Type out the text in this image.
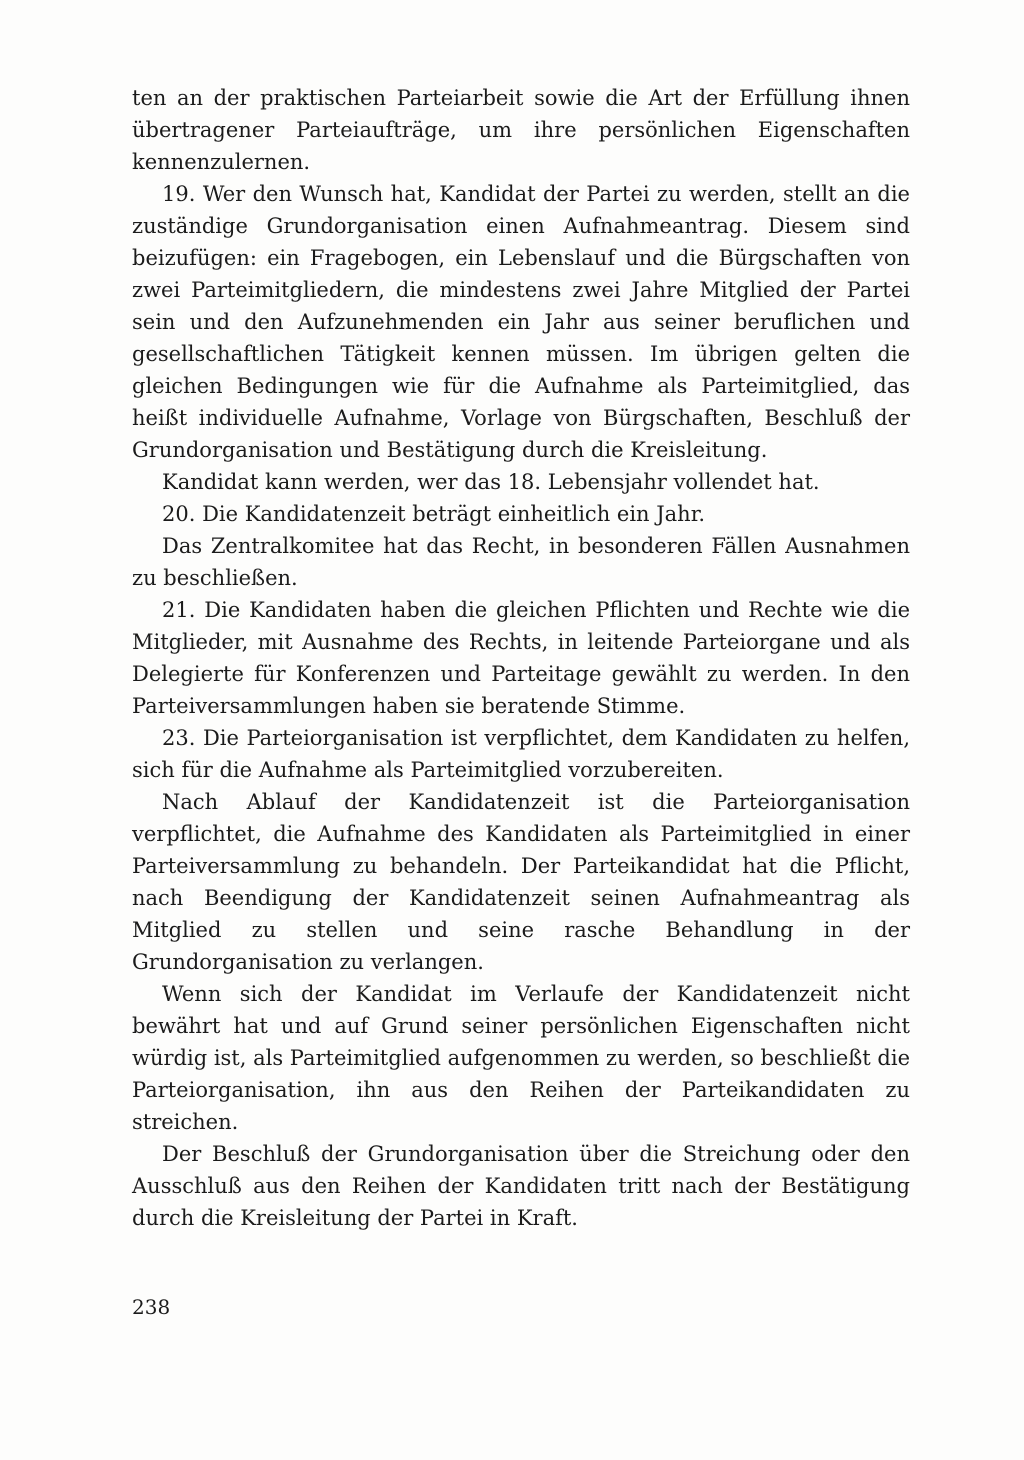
ten an der praktischen Parteiarbeit sowie die Art der Erfüllung ihnen übertragener Parteiaufträge, um ihre persönlichen Eigenschaften kennenzulernen.

19. Wer den Wunsch hat, Kandidat der Partei zu werden, stellt an die zuständige Grundorganisation einen Aufnahmeantrag. Diesem sind beizufügen: ein Fragebogen, ein Lebenslauf und die Bürgschaften von zwei Parteimitgliedern, die mindestens zwei Jahre Mitglied der Partei sein und den Aufzunehmenden ein Jahr aus seiner beruflichen und gesellschaftlichen Tätigkeit kennen müssen. Im übrigen gelten die gleichen Bedingungen wie für die Aufnahme als Parteimitglied, das heißt individuelle Aufnahme, Vorlage von Bürgschaften, Beschluß der Grundorganisation und Bestätigung durch die Kreisleitung.

Kandidat kann werden, wer das 18. Lebensjahr vollendet hat.

20. Die Kandidatenzeit beträgt einheitlich ein Jahr.

Das Zentralkomitee hat das Recht, in besonderen Fällen Ausnahmen zu beschließen.

21. Die Kandidaten haben die gleichen Pflichten und Rechte wie die Mitglieder, mit Ausnahme des Rechts, in leitende Parteiorgane und als Delegierte für Konferenzen und Parteitage gewählt zu werden. In den Parteiversammlungen haben sie beratende Stimme.

23. Die Parteiorganisation ist verpflichtet, dem Kandidaten zu helfen, sich für die Aufnahme als Parteimitglied vorzubereiten.

Nach Ablauf der Kandidatenzeit ist die Parteiorganisation verpflichtet, die Aufnahme des Kandidaten als Parteimitglied in einer Parteiversammlung zu behandeln. Der Parteikandidat hat die Pflicht, nach Beendigung der Kandidatenzeit seinen Aufnahmeantrag als Mitglied zu stellen und seine rasche Behandlung in der Grundorganisation zu verlangen.

Wenn sich der Kandidat im Verlaufe der Kandidatenzeit nicht bewährt hat und auf Grund seiner persönlichen Eigenschaften nicht würdig ist, als Parteimitglied aufgenommen zu werden, so beschließt die Parteiorganisation, ihn aus den Reihen der Parteikandidaten zu streichen.

Der Beschluß der Grundorganisation über die Streichung oder den Ausschluß aus den Reihen der Kandidaten tritt nach der Bestätigung durch die Kreisleitung der Partei in Kraft.

238
